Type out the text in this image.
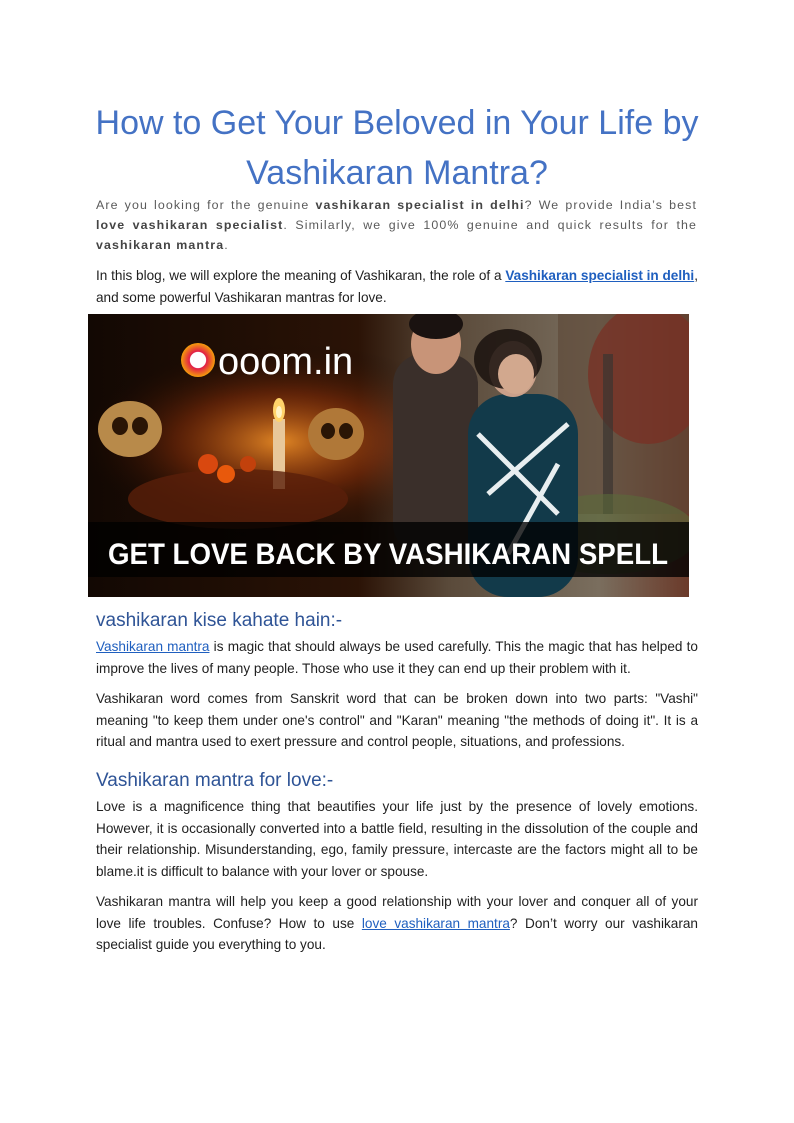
How to Get Your Beloved in Your Life by Vashikaran Mantra?

Are you looking for the genuine vashikaran specialist in delhi? We provide India’s best love vashikaran specialist. Similarly, we give 100% genuine and quick results for the vashikaran mantra.

In this blog, we will explore the meaning of Vashikaran, the role of a Vashikaran specialist in delhi, and some powerful Vashikaran mantras for love.

ooom.in
GET LOVE BACK BY VASHIKARAN SPELL
vashikaran kise kahate hain:-

Vashikaran mantra is magic that should always be used carefully. This the magic that has helped to improve the lives of many people. Those who use it they can end up their problem with it.

Vashikaran word comes from Sanskrit word that can be broken down into two parts: "Vashi" meaning "to keep them under one's control" and "Karan" meaning "the methods of doing it". It is a ritual and mantra used to exert pressure and control people, situations, and professions.

Vashikaran mantra for love:-

Love is a magnificence thing that beautifies your life just by the presence of lovely emotions. However, it is occasionally converted into a battle field, resulting in the dissolution of the couple and their relationship. Misunderstanding, ego, family pressure, intercaste are the factors might all to be blame.it is difficult to balance with your lover or spouse.

Vashikaran mantra will help you keep a good relationship with your lover and conquer all of your love life troubles. Confuse? How to use love vashikaran mantra? Don’t worry our vashikaran specialist guide you everything to you.
